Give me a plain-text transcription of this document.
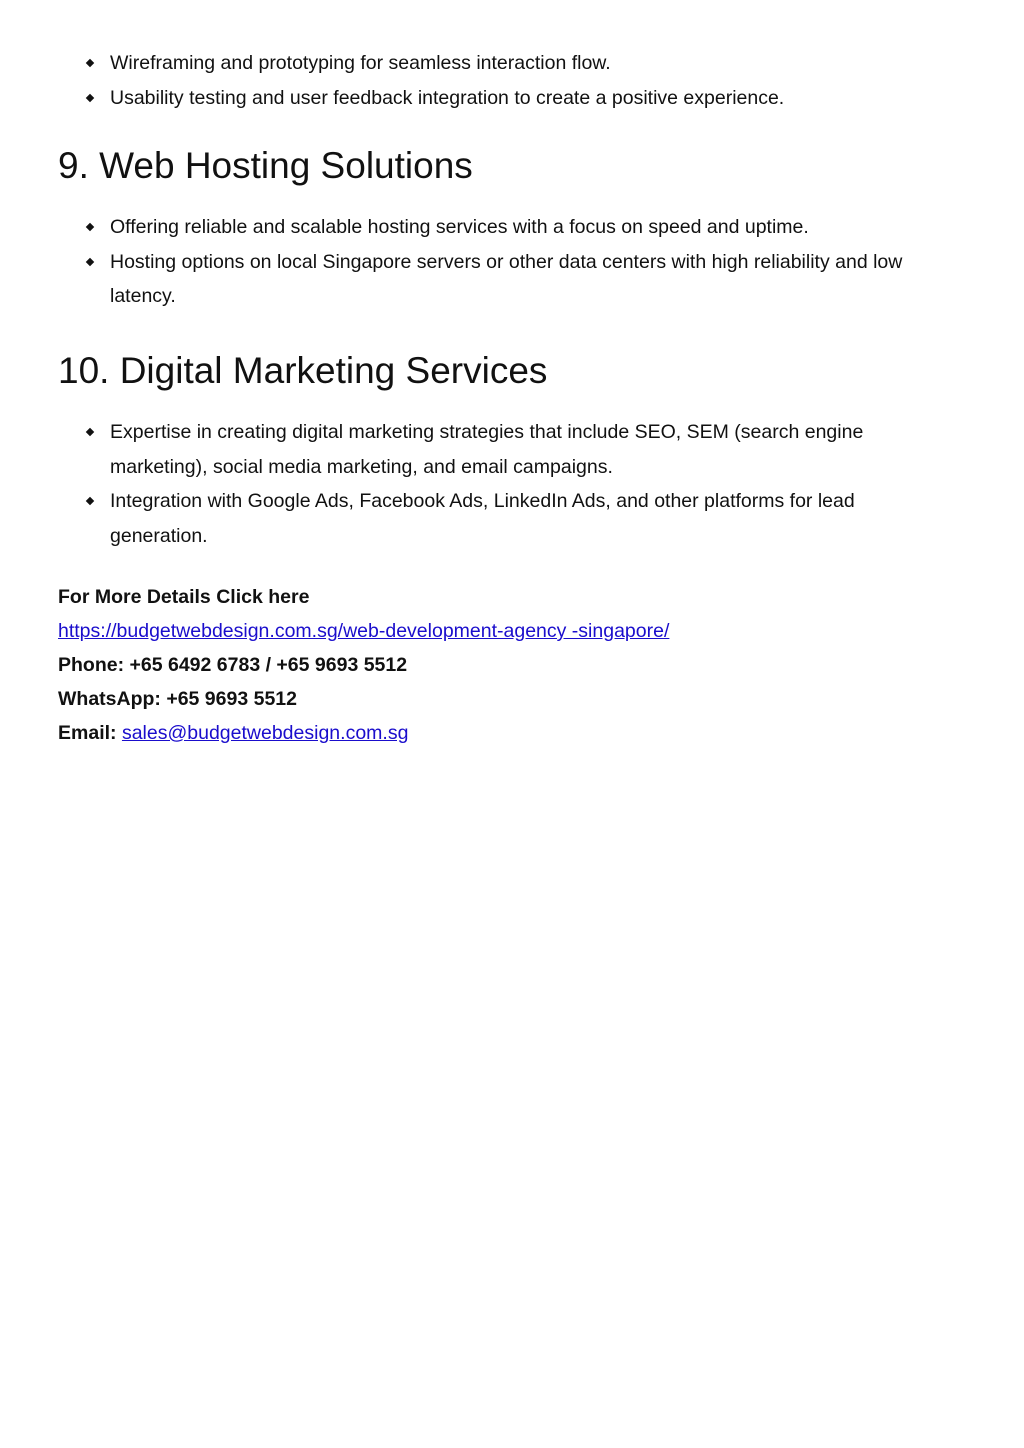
Wireframing and prototyping for seamless interaction flow.
Usability testing and user feedback integration to create a positive experience.
9. Web Hosting Solutions
Offering reliable and scalable hosting services with a focus on speed and uptime.
Hosting options on local Singapore servers or other data centers with high reliability and low latency.
10. Digital Marketing Services
Expertise in creating digital marketing strategies that include SEO, SEM (search engine marketing), social media marketing, and email campaigns.
Integration with Google Ads, Facebook Ads, LinkedIn Ads, and other platforms for lead generation.
For More Details Click here
https://budgetwebdesign.com.sg/web-development-agency -singapore/
Phone: +65 6492 6783 / +65 9693 5512
WhatsApp: +65 9693 5512
Email: sales@budgetwebdesign.com.sg
